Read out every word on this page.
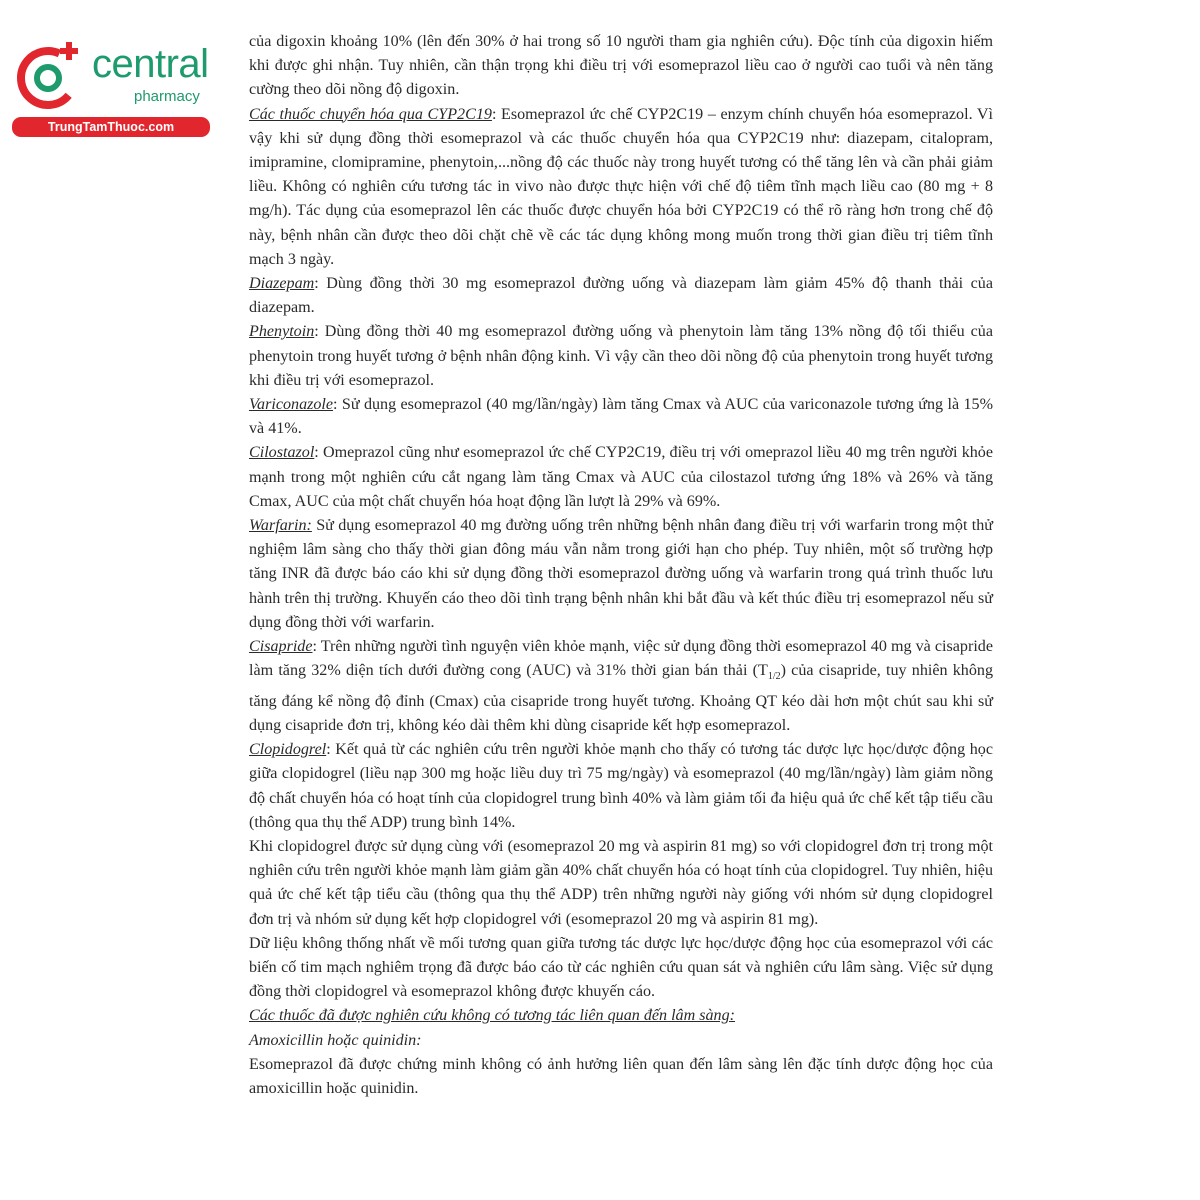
central
pharmacy
TrungTamThuoc.com

của digoxin khoảng 10% (lên đến 30% ở hai trong số 10 người tham gia nghiên cứu). Độc tính của digoxin hiếm khi được ghi nhận. Tuy nhiên, cần thận trọng khi điều trị với esomeprazol liều cao ở người cao tuổi và nên tăng cường theo dõi nồng độ digoxin.

Các thuốc chuyển hóa qua CYP2C19: Esomeprazol ức chế CYP2C19 – enzym chính chuyển hóa esomeprazol. Vì vậy khi sử dụng đồng thời esomeprazol và các thuốc chuyển hóa qua CYP2C19 như: diazepam, citalopram, imipramine, clomipramine, phenytoin,...nồng độ các thuốc này trong huyết tương có thể tăng lên và cần phải giảm liều. Không có nghiên cứu tương tác in vivo nào được thực hiện với chế độ tiêm tĩnh mạch liều cao (80 mg + 8 mg/h). Tác dụng của esomeprazol lên các thuốc được chuyển hóa bởi CYP2C19 có thể rõ ràng hơn trong chế độ này, bệnh nhân cần được theo dõi chặt chẽ về các tác dụng không mong muốn trong thời gian điều trị tiêm tĩnh mạch 3 ngày.

Diazepam: Dùng đồng thời 30 mg esomeprazol đường uống và diazepam làm giảm 45% độ thanh thải của diazepam.

Phenytoin: Dùng đồng thời 40 mg esomeprazol đường uống và phenytoin làm tăng 13% nồng độ tối thiểu của phenytoin trong huyết tương ở bệnh nhân động kinh. Vì vậy cần theo dõi nồng độ của phenytoin trong huyết tương khi điều trị với esomeprazol.

Variconazole: Sử dụng esomeprazol (40 mg/lần/ngày) làm tăng Cmax và AUC của variconazole tương ứng là 15% và 41%.

Cilostazol: Omeprazol cũng như esomeprazol ức chế CYP2C19, điều trị với omeprazol liều 40 mg trên người khỏe mạnh trong một nghiên cứu cắt ngang làm tăng Cmax và AUC của cilostazol tương ứng 18% và 26% và tăng Cmax, AUC của một chất chuyển hóa hoạt động lần lượt là 29% và 69%.

Warfarin: Sử dụng esomeprazol 40 mg đường uống trên những bệnh nhân đang điều trị với warfarin trong một thử nghiệm lâm sàng cho thấy thời gian đông máu vẫn nằm trong giới hạn cho phép. Tuy nhiên, một số trường hợp tăng INR đã được báo cáo khi sử dụng đồng thời esomeprazol đường uống và warfarin trong quá trình thuốc lưu hành trên thị trường. Khuyến cáo theo dõi tình trạng bệnh nhân khi bắt đầu và kết thúc điều trị esomeprazol nếu sử dụng đồng thời với warfarin.

Cisapride: Trên những người tình nguyện viên khỏe mạnh, việc sử dụng đồng thời esomeprazol 40 mg và cisapride làm tăng 32% diện tích dưới đường cong (AUC) và 31% thời gian bán thải $(T_{1/2})$ của cisapride, tuy nhiên không tăng đáng kể nồng độ đỉnh (Cmax) của cisapride trong huyết tương. Khoảng QT kéo dài hơn một chút sau khi sử dụng cisapride đơn trị, không kéo dài thêm khi dùng cisapride kết hợp esomeprazol.

Clopidogrel: Kết quả từ các nghiên cứu trên người khỏe mạnh cho thấy có tương tác dược lực học/dược động học giữa clopidogrel (liều nạp 300 mg hoặc liều duy trì 75 mg/ngày) và esomeprazol (40 mg/lần/ngày) làm giảm nồng độ chất chuyển hóa có hoạt tính của clopidogrel trung bình 40% và làm giảm tối đa hiệu quả ức chế kết tập tiểu cầu (thông qua thụ thể ADP) trung bình 14%.

Khi clopidogrel được sử dụng cùng với (esomeprazol 20 mg và aspirin 81 mg) so với clopidogrel đơn trị trong một nghiên cứu trên người khỏe mạnh làm giảm gần 40% chất chuyển hóa có hoạt tính của clopidogrel. Tuy nhiên, hiệu quả ức chế kết tập tiểu cầu (thông qua thụ thể ADP) trên những người này giống với nhóm sử dụng clopidogrel đơn trị và nhóm sử dụng kết hợp clopidogrel với (esomeprazol 20 mg và aspirin 81 mg).

Dữ liệu không thống nhất về mối tương quan giữa tương tác dược lực học/dược động học của esomeprazol với các biến cố tim mạch nghiêm trọng đã được báo cáo từ các nghiên cứu quan sát và nghiên cứu lâm sàng. Việc sử dụng đồng thời clopidogrel và esomeprazol không được khuyến cáo.

Các thuốc đã được nghiên cứu không có tương tác liên quan đến lâm sàng:

Amoxicillin hoặc quinidin:

Esomeprazol đã được chứng minh không có ảnh hưởng liên quan đến lâm sàng lên đặc tính dược động học của amoxicillin hoặc quinidin.
